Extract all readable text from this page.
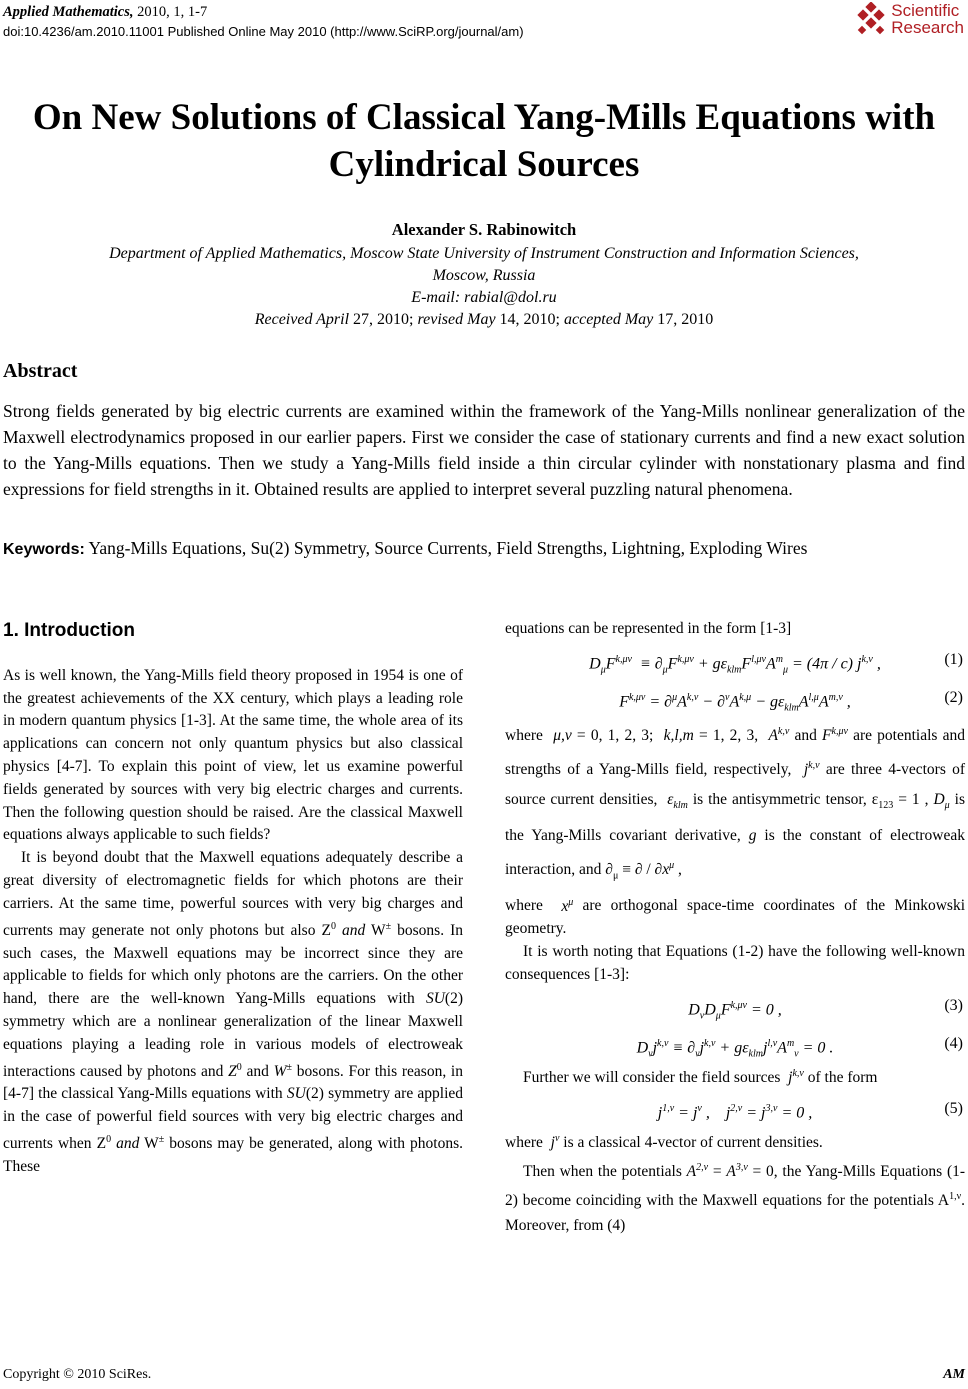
Applied Mathematics, 2010, 1, 1-7
doi:10.4236/am.2010.11001 Published Online May 2010 (http://www.SciRP.org/journal/am)
Scientific
Research
On New Solutions of Classical Yang-Mills Equations with
Cylindrical Sources
Alexander S. Rabinowitch
Department of Applied Mathematics, Moscow State University of Instrument Construction and Information Sciences,
Moscow, Russia
E-mail: rabial@dol.ru
Received April 27, 2010; revised May 14, 2010; accepted May 17, 2010
Abstract
Strong fields generated by big electric currents are examined within the framework of the Yang-Mills nonlinear generalization of the Maxwell electrodynamics proposed in our earlier papers. First we consider the case of stationary currents and find a new exact solution to the Yang-Mills equations. Then we study a Yang-Mills field inside a thin circular cylinder with nonstationary plasma and find expressions for field strengths in it. Obtained results are applied to interpret several puzzling natural phenomena.
Keywords: Yang-Mills Equations, Su(2) Symmetry, Source Currents, Field Strengths, Lightning, Exploding Wires

1. Introduction

As is well known, the Yang-Mills field theory proposed in 1954 is one of the greatest achievements of the XX century, which plays a leading role in modern quantum physics [1-3]. At the same time, the whole area of its applications can concern not only quantum physics but also classical physics [4-7]. To explain this point of view, let us examine powerful fields generated by sources with very big electric charges and currents. Then the following question should be raised. Are the classical Maxwell equations always applicable to such fields?

It is beyond doubt that the Maxwell equations adequately describe a great diversity of electromagnetic fields for which photons are their carriers. At the same time, powerful sources with very big charges and currents may generate not only photons but also $Z^0$ and W± bosons. In such cases, the Maxwell equations may be incorrect since they are applicable to fields for which only photons are the carriers. On the other hand, there are the well-known Yang-Mills equations with SU(2) symmetry which are a nonlinear generalization of the linear Maxwell equations playing a leading role in various models of electroweak interactions caused by photons and $Z^0$ and W± bosons. For this reason, in [4-7] the classical Yang-Mills equations with SU(2) symmetry are applied in the case of powerful field sources with very big electric charges and currents when $Z^0$ and W± bosons may be generated, along with photons. These

equations can be represented in the form [1-3]

$D_\mu F^{k,\mu\nu} \equiv \partial_\mu F^{k,\mu\nu} + g\varepsilon_{klm}F^{l,\mu\nu}A^m_\mu = (4\pi / c)$ $j^{k,\nu}$ ,	(1)
$F^{k,\mu\nu} = \partial^\mu A^{k,\nu} - \partial^\nu A^{k,\mu} - g\varepsilon_{klm}A^{l,\mu}A^{m,\nu}$ ,	(2)

where μ,ν = 0, 1, 2, 3;  k,l,m = 1, 2, 3,  $A^{k,\nu}$ and $F^{k,\mu\nu}$ are potentials and strengths of a Yang-Mills field, respectively, $j^{k,\nu}$ are three 4-vectors of source current densities, $\varepsilon_{klm}$ is the antisymmetric tensor, $\varepsilon_{123} = 1$ , $D_\mu$ is the Yang-Mills covariant derivative, g is the constant of electroweak interaction, and $\partial_\mu$ ≡ ∂ / $\partial x^\mu$ ,

where $x^\mu$ are orthogonal space-time coordinates of the Minkowski geometry.

It is worth noting that Equations (1-2) have the following well-known consequences [1-3]:

$D_\nu D_\mu F^{k,\mu\nu} = 0$ ,	(3)
$D_\nu j^{k,\nu} \equiv \partial_\nu j^{k,\nu} + g\varepsilon_{klm}j^{l,\nu}A^m_\nu = 0$ .	(4)

Further we will consider the field sources $j^{k,\nu}$ of the form

$j^{1,\nu} = j^\nu$ ,    $j^{2,\nu} = j^{3,\nu} = 0$ ,	(5)

where $j^\nu$ is a classical 4-vector of current densities.

Then when the potentials $A^{2,\nu} = A^{3,\nu} = 0$, the Yang-Mills Equations (1-2) become coinciding with the Maxwell equations for the potentials $A^{1,\nu}$. Moreover, from (4)

Copyright © 2010 SciRes.	AM
